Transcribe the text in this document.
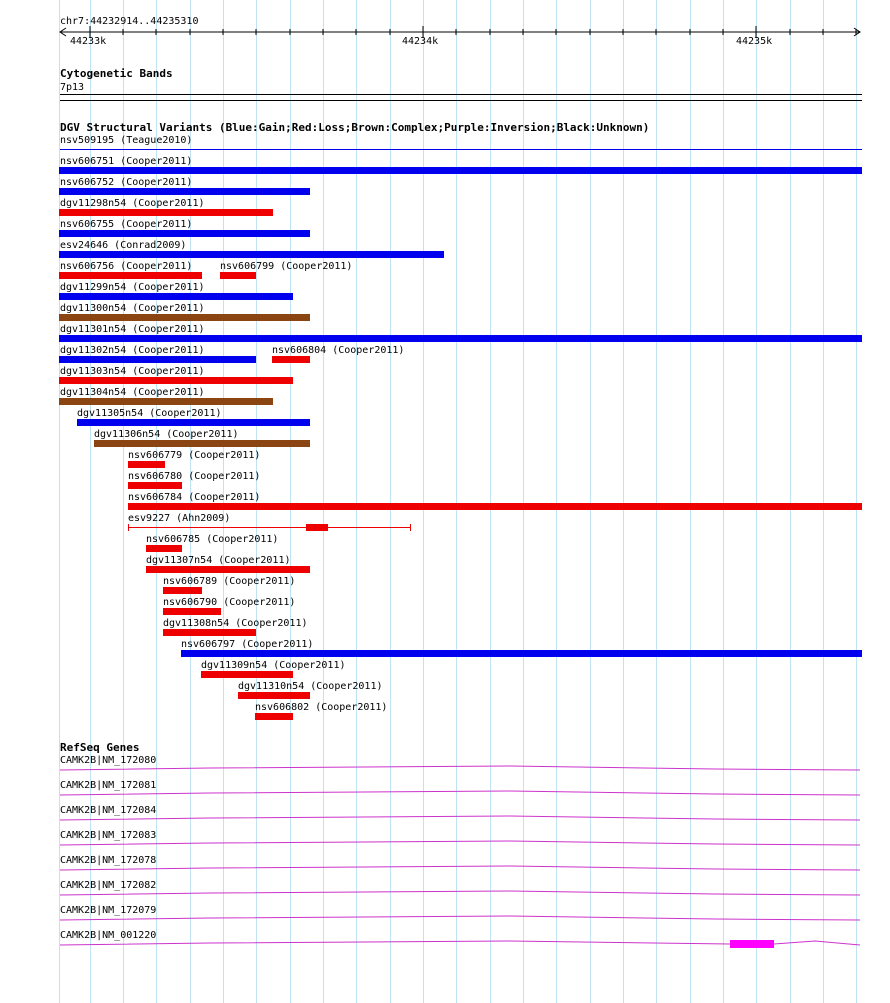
chr7:44232914..44235310
44233k	44234k	44235k
Cytogenetic Bands
7p13
DGV Structural Variants (Blue:Gain;Red:Loss;Brown:Complex;Purple:Inversion;Black:Unknown)
nsv509195 (Teague2010)
nsv606751 (Cooper2011)
nsv606752 (Cooper2011)
dgv11298n54 (Cooper2011)
nsv606755 (Cooper2011)
esv24646 (Conrad2009)
nsv606756 (Cooper2011)	nsv606799 (Cooper2011)
dgv11299n54 (Cooper2011)
dgv11300n54 (Cooper2011)
dgv11301n54 (Cooper2011)
dgv11302n54 (Cooper2011)	nsv606804 (Cooper2011)
dgv11303n54 (Cooper2011)
dgv11304n54 (Cooper2011)
dgv11305n54 (Cooper2011)
dgv11306n54 (Cooper2011)
nsv606779 (Cooper2011)
nsv606780 (Cooper2011)
nsv606784 (Cooper2011)
esv9227 (Ahn2009)
nsv606785 (Cooper2011)
dgv11307n54 (Cooper2011)
nsv606789 (Cooper2011)
nsv606790 (Cooper2011)
dgv11308n54 (Cooper2011)
nsv606797 (Cooper2011)
dgv11309n54 (Cooper2011)
dgv11310n54 (Cooper2011)
nsv606802 (Cooper2011)
RefSeq Genes
CAMK2B|NM_172080
CAMK2B|NM_172081
CAMK2B|NM_172084
CAMK2B|NM_172083
CAMK2B|NM_172078
CAMK2B|NM_172082
CAMK2B|NM_172079
CAMK2B|NM_001220
